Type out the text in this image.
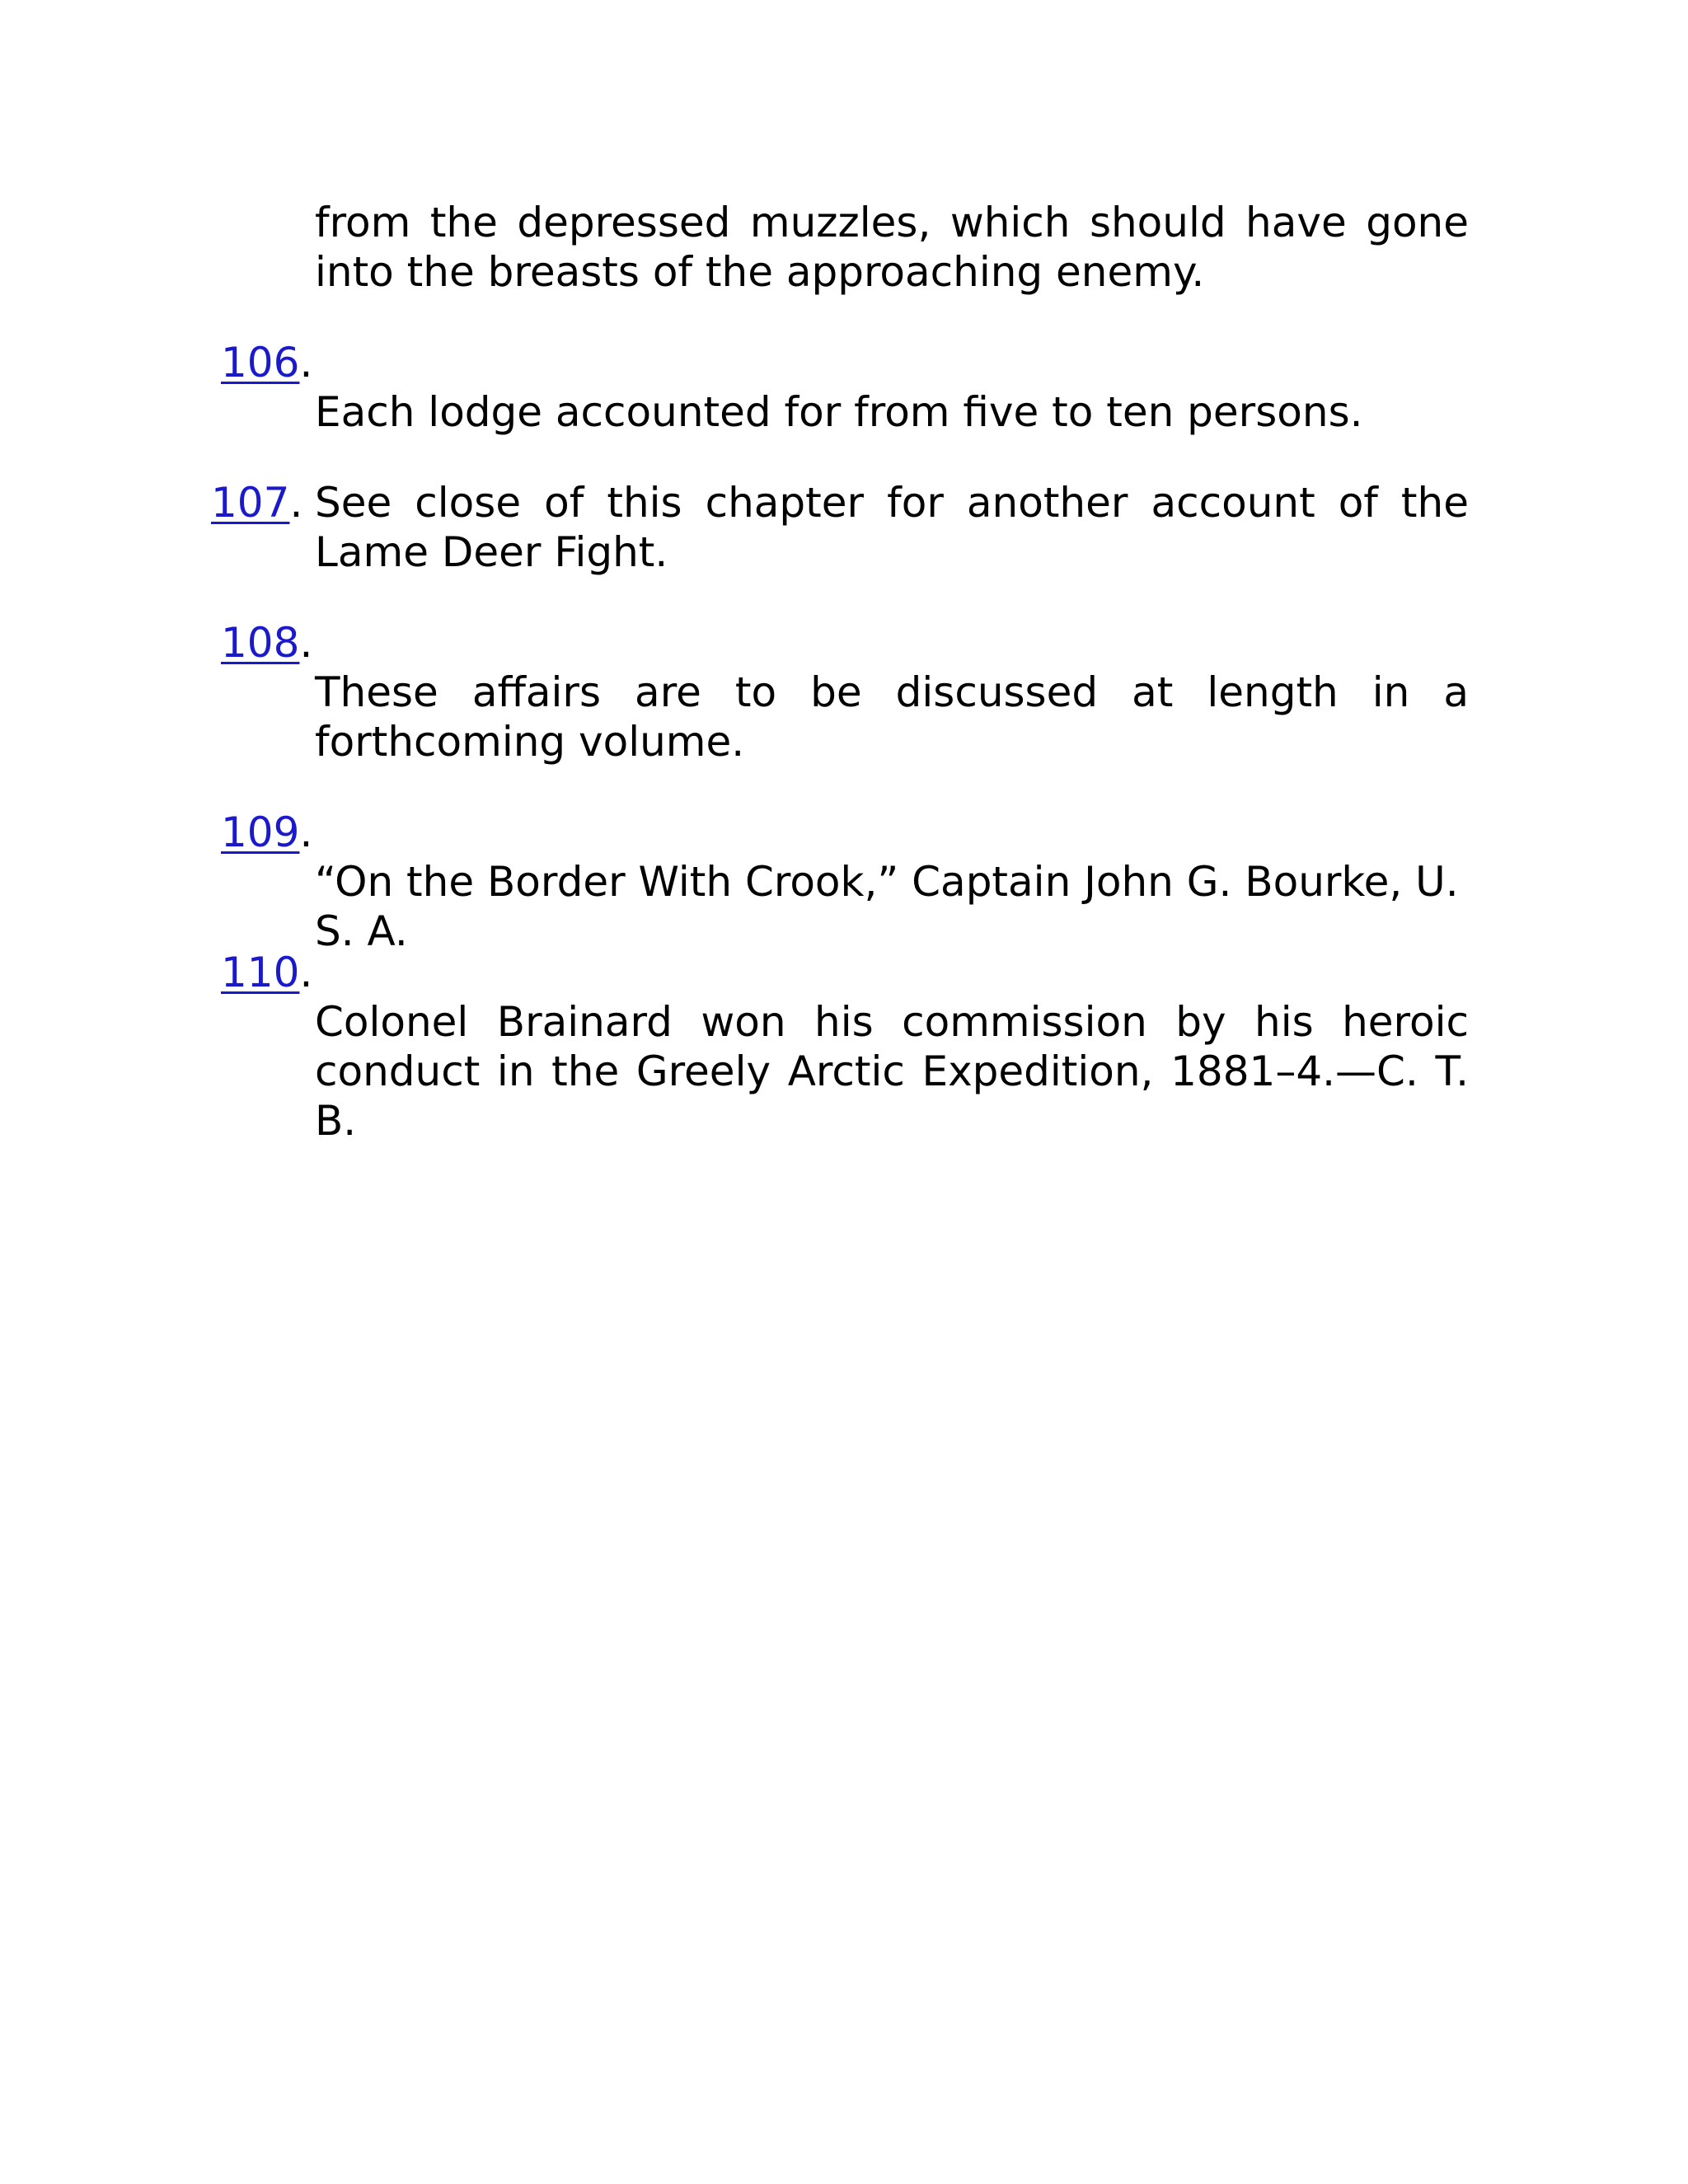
from the depressed muzzles, which should have gone into the breasts of the approaching enemy.

106.

Each lodge accounted for from five to ten persons.

107. See close of this chapter for another account of the Lame Deer Fight.

108.

These affairs are to be discussed at length in a forthcoming volume.

109.

“On the Border With Crook,” Captain John G. Bourke, U. S. A.

110.

Colonel Brainard won his commission by his heroic conduct in the Greely Arctic Expedition, 1881–4.—C. T. B.
